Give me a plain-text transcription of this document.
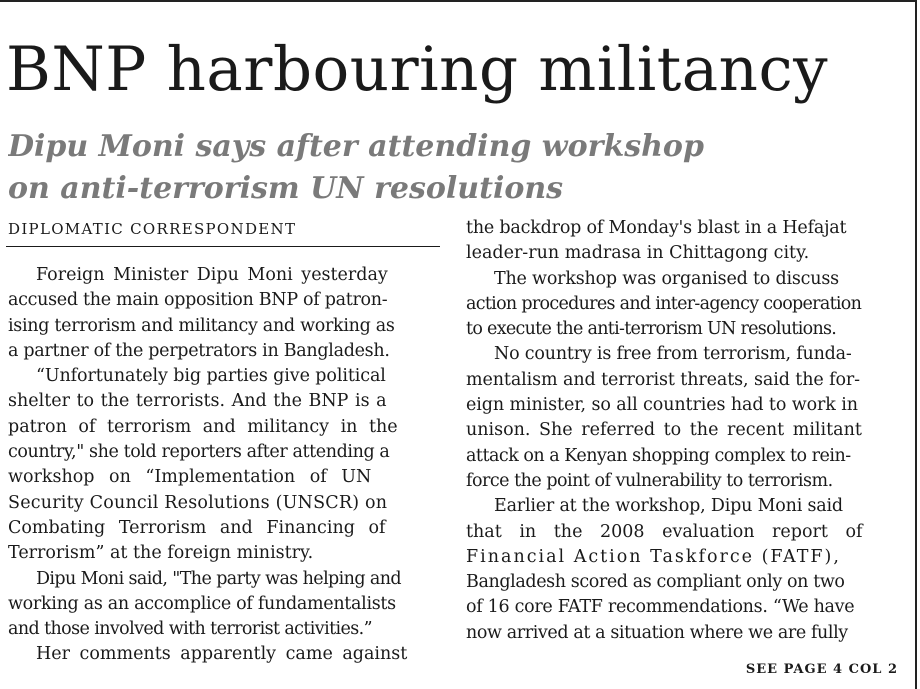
BNP harbouring militancy
Dipu Moni says after attending workshop
on anti-terrorism UN resolutions
DIPLOMATIC CORRESPONDENT
Foreign Minister Dipu Moni yesterday
accused the main opposition BNP of patron-
ising terrorism and militancy and working as
a partner of the perpetrators in Bangladesh.
“Unfortunately big parties give political
shelter to the terrorists. And the BNP is a
patron of terrorism and militancy in the
country," she told reporters after attending a
workshop on “Implementation of UN
Security Council Resolutions (UNSCR) on
Combating Terrorism and Financing of
Terrorism” at the foreign ministry.
Dipu Moni said, "The party was helping and
working as an accomplice of fundamentalists
and those involved with terrorist activities.”
Her comments apparently came against
the backdrop of Monday's blast in a Hefajat
leader-run madrasa in Chittagong city.
The workshop was organised to discuss
action procedures and inter-agency cooperation
to execute the anti-terrorism UN resolutions.
No country is free from terrorism, funda-
mentalism and terrorist threats, said the for-
eign minister, so all countries had to work in
unison. She referred to the recent militant
attack on a Kenyan shopping complex to rein-
force the point of vulnerability to terrorism.
Earlier at the workshop, Dipu Moni said
that in the 2008 evaluation report of
Financial Action Taskforce (FATF),
Bangladesh scored as compliant only on two
of 16 core FATF recommendations. “We have
now arrived at a situation where we are fully
SEE PAGE 4 COL 2
